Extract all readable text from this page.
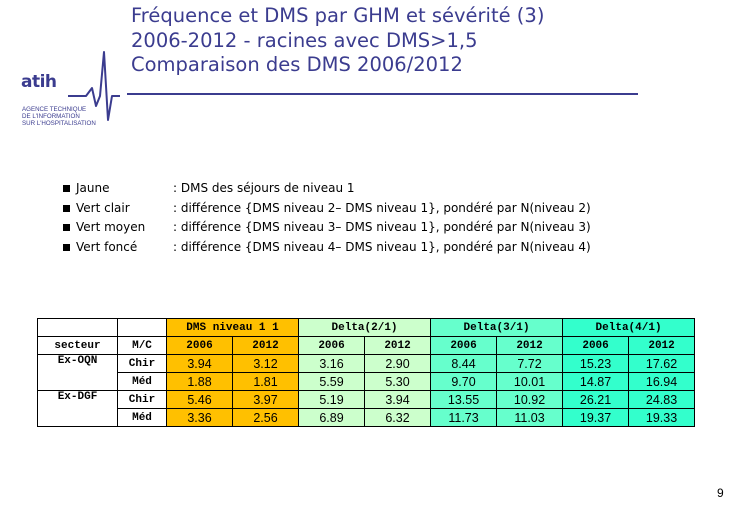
Fréquence et DMS par GHM et sévérité (3)
2006-2012 - racines avec DMS>1,5
Comparaison des DMS 2006/2012
atih
AGENCE TECHNIQUE
DE L'INFORMATION
SUR L'HOSPITALISATION
Jaune	: DMS des séjours de niveau 1
Vert clair	: différence {DMS niveau 2– DMS niveau 1}, pondéré par N(niveau 2)
Vert moyen : différence {DMS niveau 3– DMS niveau 1}, pondéré par N(niveau 3)
Vert foncé	: différence {DMS niveau 4– DMS niveau 1}, pondéré par N(niveau 4)
		DMS niveau 1 1		Delta(2/1)		Delta(3/1)		Delta(4/1)	
secteur	M/C	2006	2012	2006	2012	2006	2012	2006	2012
Ex-OQN	Chir	3.94	3.12	3.16	2.90	8.44	7.72	15.23	17.62
	Méd	1.88	1.81	5.59	5.30	9.70	10.01	14.87	16.94
Ex-DGF	Chir	5.46	3.97	5.19	3.94	13.55	10.92	26.21	24.83
	Méd	3.36	2.56	6.89	6.32	11.73	11.03	19.37	19.33
9
